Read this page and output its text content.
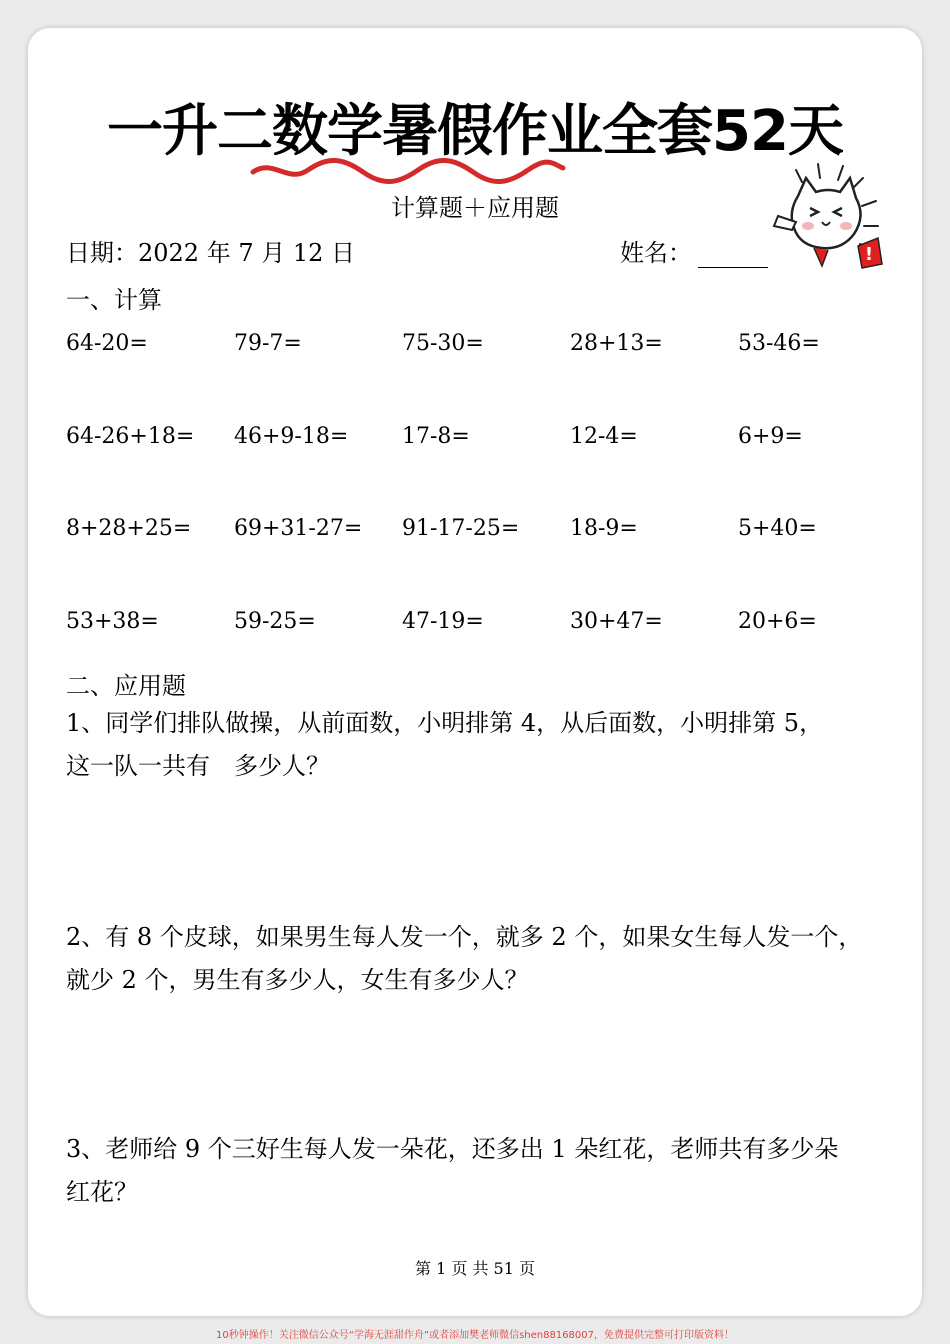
一升二数学暑假作业全套52天
计算题＋应用题
!
日期：2022 年 7 月 12 日	姓名：
一、计算
64-20=	79-7=	75-30=	28+13=	53-46=
64-26+18=	46+9-18=	17-8=	12-4=	6+9=
8+28+25=	69+31-27=	91-17-25=	18-9=	5+40=
53+38=	59-25=	47-19=	30+47=	20+6=
二、应用题
1、同学们排队做操，从前面数，小明排第 4，从后面数，小明排第 5，
这一队一共有　多少人？
2、有 8 个皮球，如果男生每人发一个，就多 2 个，如果女生每人发一个，
就少 2 个，男生有多少人，女生有多少人？
3、老师给 9 个三好生每人发一朵花，还多出 1 朵红花，老师共有多少朵
红花？
第 1 页 共 51 页
10秒钟操作！关注微信公众号“学海无涯甜作舟”或者添加樊老师微信shen88168007，免费提供完整可打印版资料！
